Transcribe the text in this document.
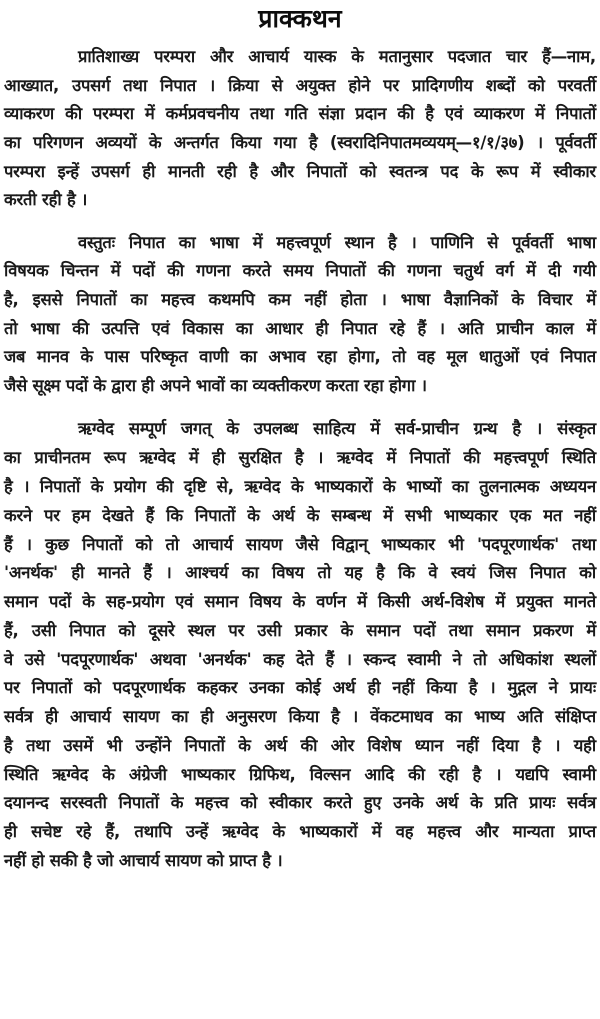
प्राक्कथन
प्रातिशाख्य परम्परा और आचार्य यास्क के मतानुसार पदजात चार हैं—नाम,
आख्यात, उपसर्ग तथा निपात । क्रिया से अयुक्त होने पर प्रादिगणीय शब्दों को परवर्ती
व्याकरण की परम्परा में कर्मप्रवचनीय तथा गति संज्ञा प्रदान की है एवं व्याकरण में निपातों
का परिगणन अव्ययों के अन्तर्गत किया गया है (स्वरादिनिपातमव्ययम्—१/१/३७) । पूर्ववर्ती
परम्परा इन्हें उपसर्ग ही मानती रही है और निपातों को स्वतन्त्र पद के रूप में स्वीकार
करती रही है ।
वस्तुतः निपात का भाषा में महत्त्वपूर्ण स्थान है । पाणिनि से पूर्ववर्ती भाषा
विषयक चिन्तन में पदों की गणना करते समय निपातों की गणना चतुर्थ वर्ग में दी गयी
है, इससे निपातों का महत्त्व कथमपि कम नहीं होता । भाषा वैज्ञानिकों के विचार में
तो भाषा की उत्पत्ति एवं विकास का आधार ही निपात रहे हैं । अति प्राचीन काल में
जब मानव के पास परिष्कृत वाणी का अभाव रहा होगा, तो वह मूल धातुओं एवं निपात
जैसे सूक्ष्म पदों के द्वारा ही अपने भावों का व्यक्तीकरण करता रहा होगा ।
ऋग्वेद सम्पूर्ण जगत् के उपलब्ध साहित्य में सर्व-प्राचीन ग्रन्थ है । संस्कृत
का प्राचीनतम रूप ऋग्वेद में ही सुरक्षित है । ऋग्वेद में निपातों की महत्त्वपूर्ण स्थिति
है । निपातों के प्रयोग की दृष्टि से, ऋग्वेद के भाष्यकारों के भाष्यों का तुलनात्मक अध्ययन
करने पर हम देखते हैं कि निपातों के अर्थ के सम्बन्ध में सभी भाष्यकार एक मत नहीं
हैं । कुछ निपातों को तो आचार्य सायण जैसे विद्वान् भाष्यकार भी 'पदपूरणार्थक' तथा
'अनर्थक' ही मानते हैं । आश्चर्य का विषय तो यह है कि वे स्वयं जिस निपात को
समान पदों के सह-प्रयोग एवं समान विषय के वर्णन में किसी अर्थ-विशेष में प्रयुक्त मानते
हैं, उसी निपात को दूसरे स्थल पर उसी प्रकार के समान पदों तथा समान प्रकरण में
वे उसे 'पदपूरणार्थक' अथवा 'अनर्थक' कह देते हैं । स्कन्द स्वामी ने तो अधिकांश स्थलों
पर निपातों को पदपूरणार्थक कहकर उनका कोई अर्थ ही नहीं किया है । मुद्गल ने प्रायः
सर्वत्र ही आचार्य सायण का ही अनुसरण किया है । वेंकटमाधव का भाष्य अति संक्षिप्त
है तथा उसमें भी उन्होंने निपातों के अर्थ की ओर विशेष ध्यान नहीं दिया है । यही
स्थिति ऋग्वेद के अंग्रेजी भाष्यकार ग्रिफिथ, विल्सन आदि की रही है । यद्यपि स्वामी
दयानन्द सरस्वती निपातों के महत्त्व को स्वीकार करते हुए उनके अर्थ के प्रति प्रायः सर्वत्र
ही सचेष्ट रहे हैं, तथापि उन्हें ऋग्वेद के भाष्यकारों में वह महत्त्व और मान्यता प्राप्त
नहीं हो सकी है जो आचार्य सायण को प्राप्त है ।
